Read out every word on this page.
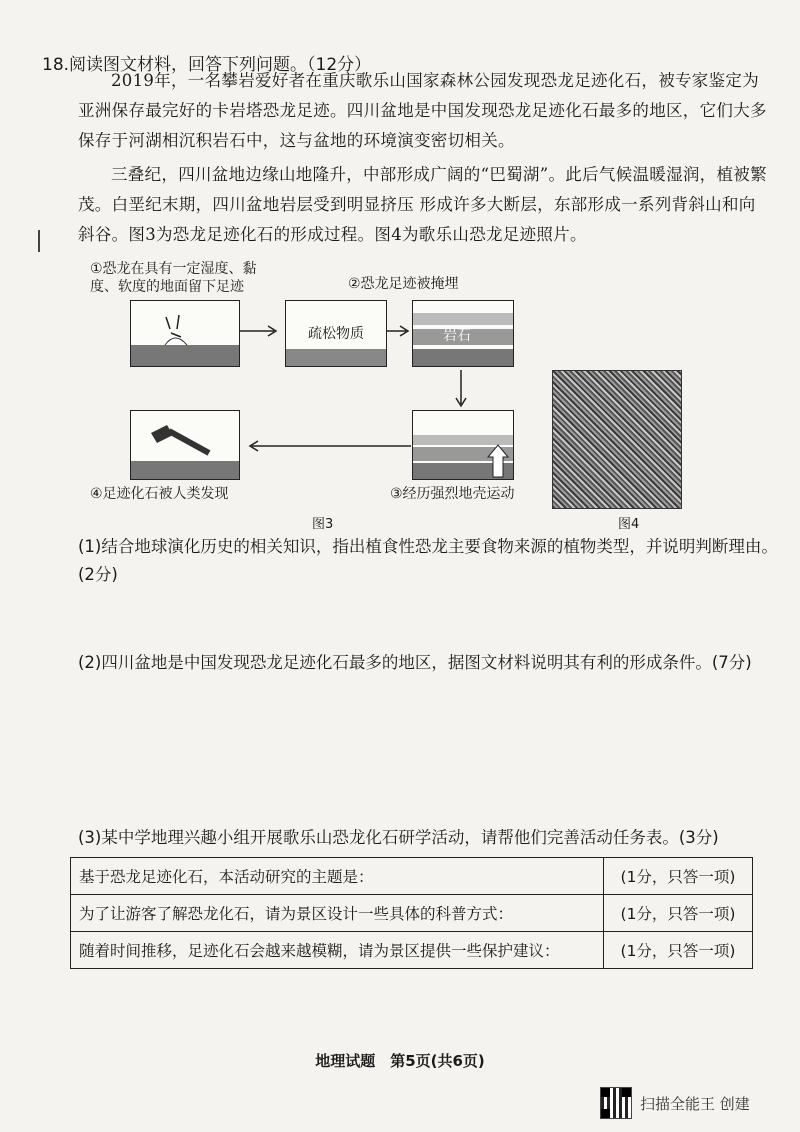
18.阅读图文材料，回答下列问题。（12分）
2019年，一名攀岩爱好者在重庆歌乐山国家森林公园发现恐龙足迹化石，被专家鉴定为亚洲保存最完好的卡岩塔恐龙足迹。四川盆地是中国发现恐龙足迹化石最多的地区，它们大多保存于河湖相沉积岩石中，这与盆地的环境演变密切相关。
三叠纪，四川盆地边缘山地隆升，中部形成广阔的“巴蜀湖”。此后气候温暖湿润，植被繁茂。白垩纪末期，四川盆地岩层受到明显挤压 形成许多大断层，东部形成一系列背斜山和向斜谷。图3为恐龙足迹化石的形成过程。图4为歌乐山恐龙足迹照片。
①恐龙在具有一定湿度、黏度、软度的地面留下足迹	②恐龙足迹被掩埋
疏松物质	岩石
④足迹化石被人类发现	③经历强烈地壳运动
图3	图4
(1)结合地球演化历史的相关知识，指出植食性恐龙主要食物来源的植物类型，并说明判断理由。(2分)
(2)四川盆地是中国发现恐龙足迹化石最多的地区，据图文材料说明其有利的形成条件。(7分)
(3)某中学地理兴趣小组开展歌乐山恐龙化石研学活动，请帮他们完善活动任务表。(3分)
基于恐龙足迹化石，本活动研究的主题是：	(1分，只答一项)
为了让游客了解恐龙化石，请为景区设计一些具体的科普方式：	(1分，只答一项)
随着时间推移，足迹化石会越来越模糊，请为景区提供一些保护建议：	(1分，只答一项)
地理试题　第5页(共6页)
扫描全能王 创建
